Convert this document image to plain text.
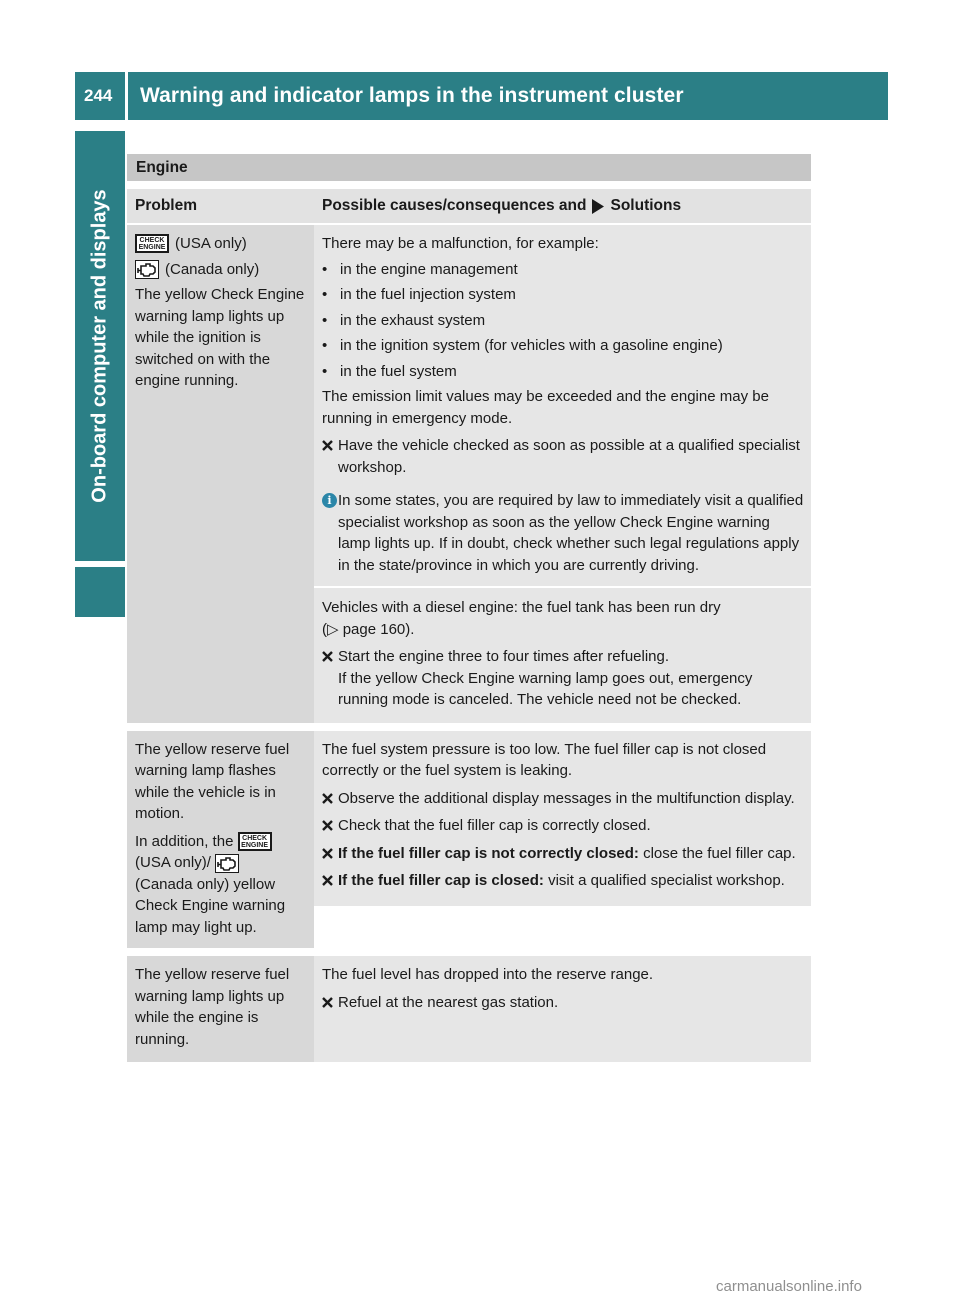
244	Warning and indicator lamps in the instrument cluster
On-board computer and displays
Engine
Problem	Possible causes/consequences and Solutions
CHECK
ENGINE (USA only)
(Canada only)
The yellow Check Engine warning lamp lights up while the ignition is switched on with the engine running.
There may be a malfunction, for example:
• in the engine management
• in the fuel injection system
• in the exhaust system
• in the ignition system (for vehicles with a gasoline engine)
• in the fuel system
The emission limit values may be exceeded and the engine may be running in emergency mode.
Have the vehicle checked as soon as possible at a qualified specialist workshop.
i In some states, you are required by law to immediately visit a qualified specialist workshop as soon as the yellow Check Engine warning lamp lights up. If in doubt, check whether such legal regulations apply in the state/province in which you are currently driving.
Vehicles with a diesel engine: the fuel tank has been run dry
(▷ page 160).
Start the engine three to four times after refueling.
If the yellow Check Engine warning lamp goes out, emergency running mode is canceled. The vehicle need not be checked.
The yellow reserve fuel warning lamp flashes while the vehicle is in motion.
In addition, the CHECK
ENGINE
(USA only)/
(Canada only) yellow Check Engine warning lamp may light up.
The fuel system pressure is too low. The fuel filler cap is not closed correctly or the fuel system is leaking.
Observe the additional display messages in the multifunction display.
Check that the fuel filler cap is correctly closed.
If the fuel filler cap is not correctly closed: close the fuel filler cap.
If the fuel filler cap is closed: visit a qualified specialist workshop.
The yellow reserve fuel warning lamp lights up while the engine is running.
The fuel level has dropped into the reserve range.
Refuel at the nearest gas station.
carmanualsonline.info
